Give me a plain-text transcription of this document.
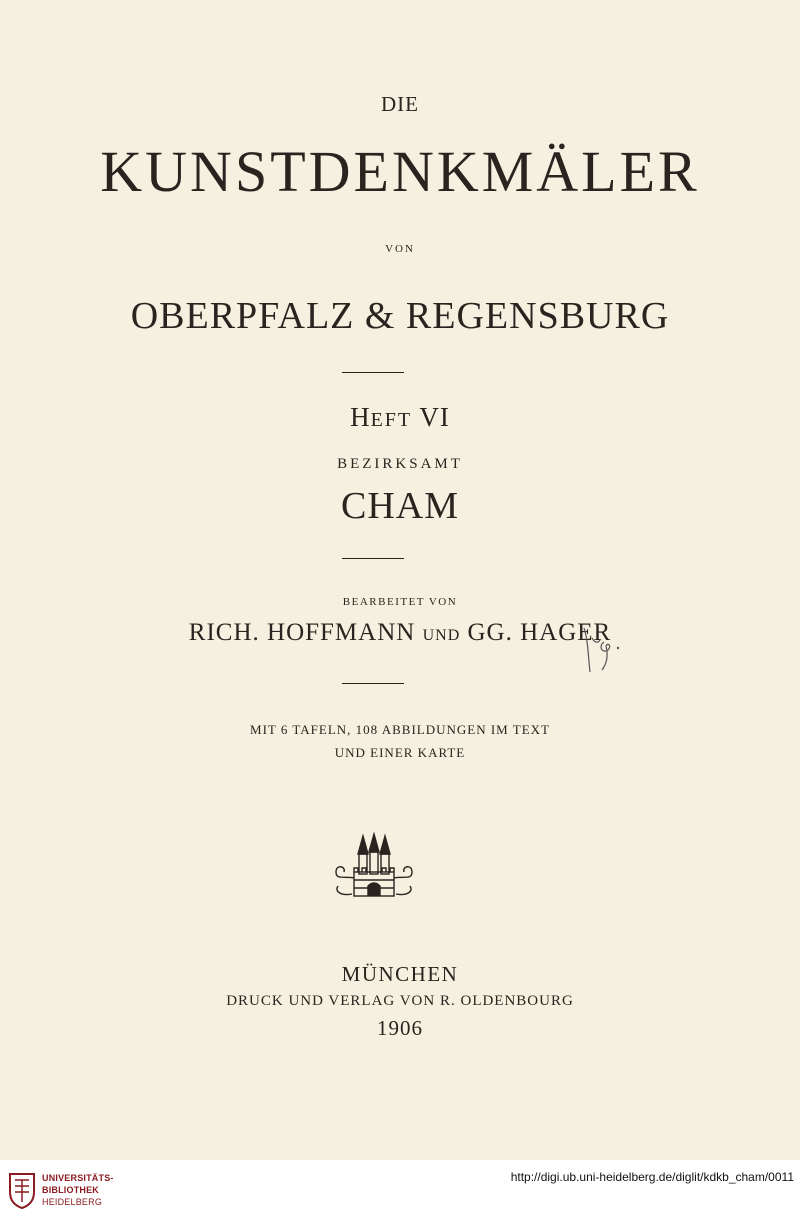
DIE
KUNSTDENKMÄLER
VON
OBERPFALZ & REGENSBURG
HEFT VI
BEZIRKSAMT
CHAM
BEARBEITET VON
RICH. HOFFMANN UND GG. HAGER
MIT 6 TAFELN, 108 ABBILDUNGEN IM TEXT
UND EINER KARTE
MÜNCHEN
DRUCK UND VERLAG VON R. OLDENBOURG
1906
UNIVERSITÄTS-
BIBLIOTHEK
HEIDELBERG
http://digi.ub.uni-heidelberg.de/diglit/kdkb_cham/0011
